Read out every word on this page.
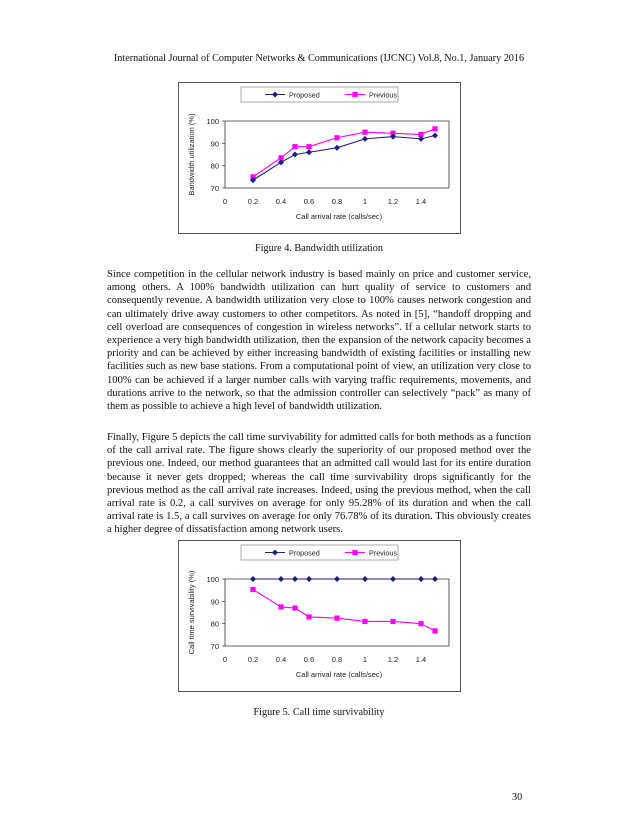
International Journal of Computer Networks & Communications (IJCNC) Vol.8, No.1, January 2016
Proposed	Previous
70
80
90
100
0	0.2 0.4 0.6 0.8	1	1.2 1.4
Call arrival rate (calls/sec)
Bandwidth utilization (%)
Figure 4. Bandwidth utilization

Since competition in the cellular network industry is based mainly on price and customer service, among others. A 100% bandwidth utilization can hurt quality of service to customers and consequently revenue. A bandwidth utilization very close to 100% causes network congestion and can ultimately drive away customers to other competitors. As noted in [5], “handoff dropping and cell overload are consequences of congestion in wireless networks”. If a cellular network starts to experience a very high bandwidth utilization, then the expansion of the network capacity becomes a priority and can be achieved by either increasing bandwidth of existing facilities or installing new facilities such as new base stations. From a computational point of view, an utilization very close to 100% can be achieved if a larger number calls with varying traffic requirements, movements, and durations arrive to the network, so that the admission controller can selectively “pack” as many of them as possible to achieve a high level of bandwidth utilization.

Finally, Figure 5 depicts the call time survivability for admitted calls for both methods as a function of the call arrival rate. The figure shows clearly the superiority of our proposed method over the previous one. Indeed, our method guarantees that an admitted call would last for its entire duration because it never gets dropped; whereas the call time survivability drops significantly for the previous method as the call arrival rate increases. Indeed, using the previous method, when the call arrival rate is 0.2, a call survives on average for only 95.28% of its duration and when the call arrival rate is 1.5, a call survives on average for only 76.78% of its duration. This obviously creates a higher degree of dissatisfaction among network users.

Proposed	Previous
70
80
90
100
0	0.2 0.4 0.6 0.8	1	1.2 1.4
Call arrival rate (calls/sec)
Call time survivability (%)
Figure 5. Call time survivability
30
